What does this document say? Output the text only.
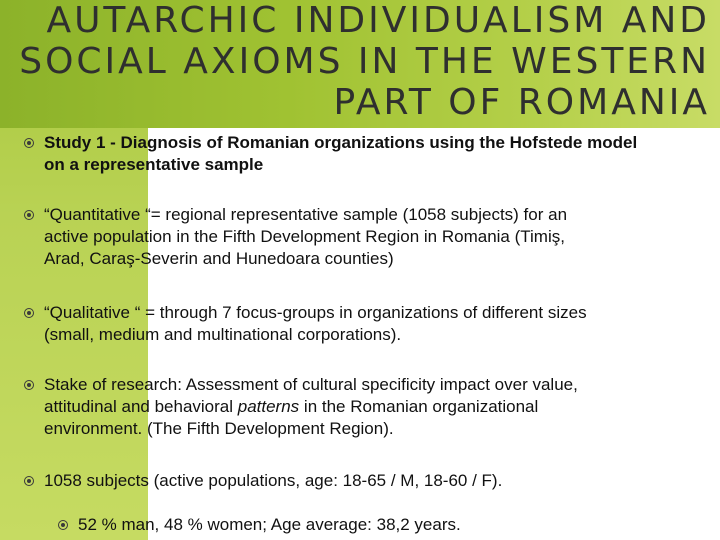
AUTARCHIC INDIVIDUALISM AND
SOCIAL AXIOMS IN THE WESTERN
PART OF ROMANIA
Study 1 - Diagnosis of Romanian organizations using the Hofstede model
on a representative sample
“Quantitative “= regional representative sample (1058 subjects) for an
active population in the Fifth Development Region in Romania (Timiş,
Arad, Caraş-Severin and Hunedoara counties)
“Qualitative “ = through 7 focus-groups in organizations of different sizes
(small, medium and multinational corporations).
Stake of research: Assessment of cultural specificity impact over value,
attitudinal and behavioral patterns in the Romanian organizational
environment. (The Fifth Development Region).
1058 subjects (active populations, age: 18-65 / M, 18-60 / F).
52 % man, 48 % women; Age average: 38,2 years.
